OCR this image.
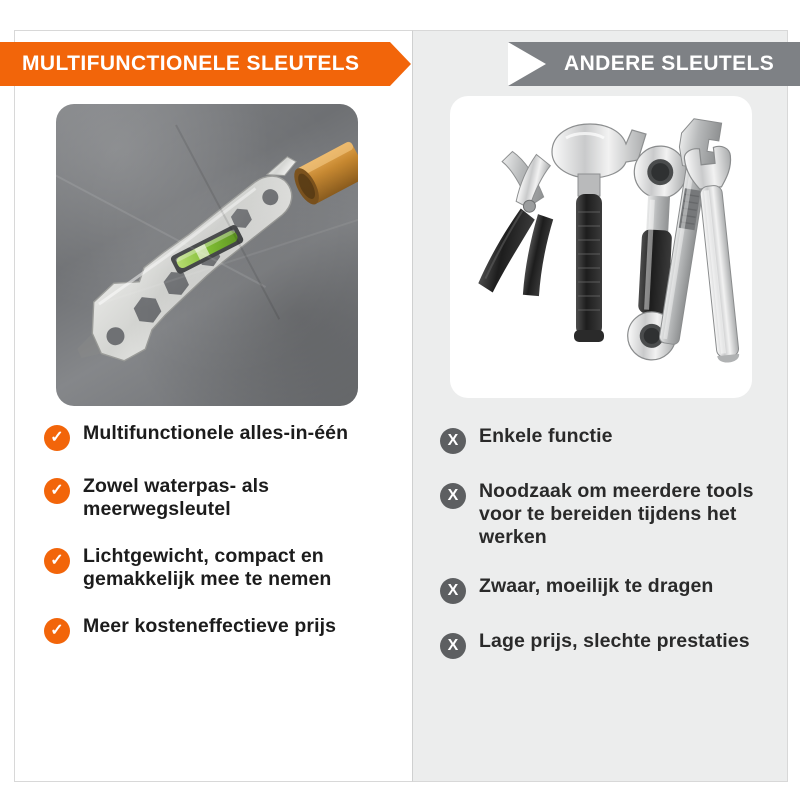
MULTIFUNCTIONELE SLEUTELS	ANDERE SLEUTELS
✓ Multifunctionele alles-in-één
✓ Zowel waterpas- als meerwegsleutel
✓ Lichtgewicht, compact en gemakkelijk mee te nemen
✓ Meer kosteneffectieve prijs
X	Enkele functie
X	Noodzaak om meerdere tools voor te bereiden tijdens het werken
X	Zwaar, moeilijk te dragen
X	Lage prijs, slechte prestaties
